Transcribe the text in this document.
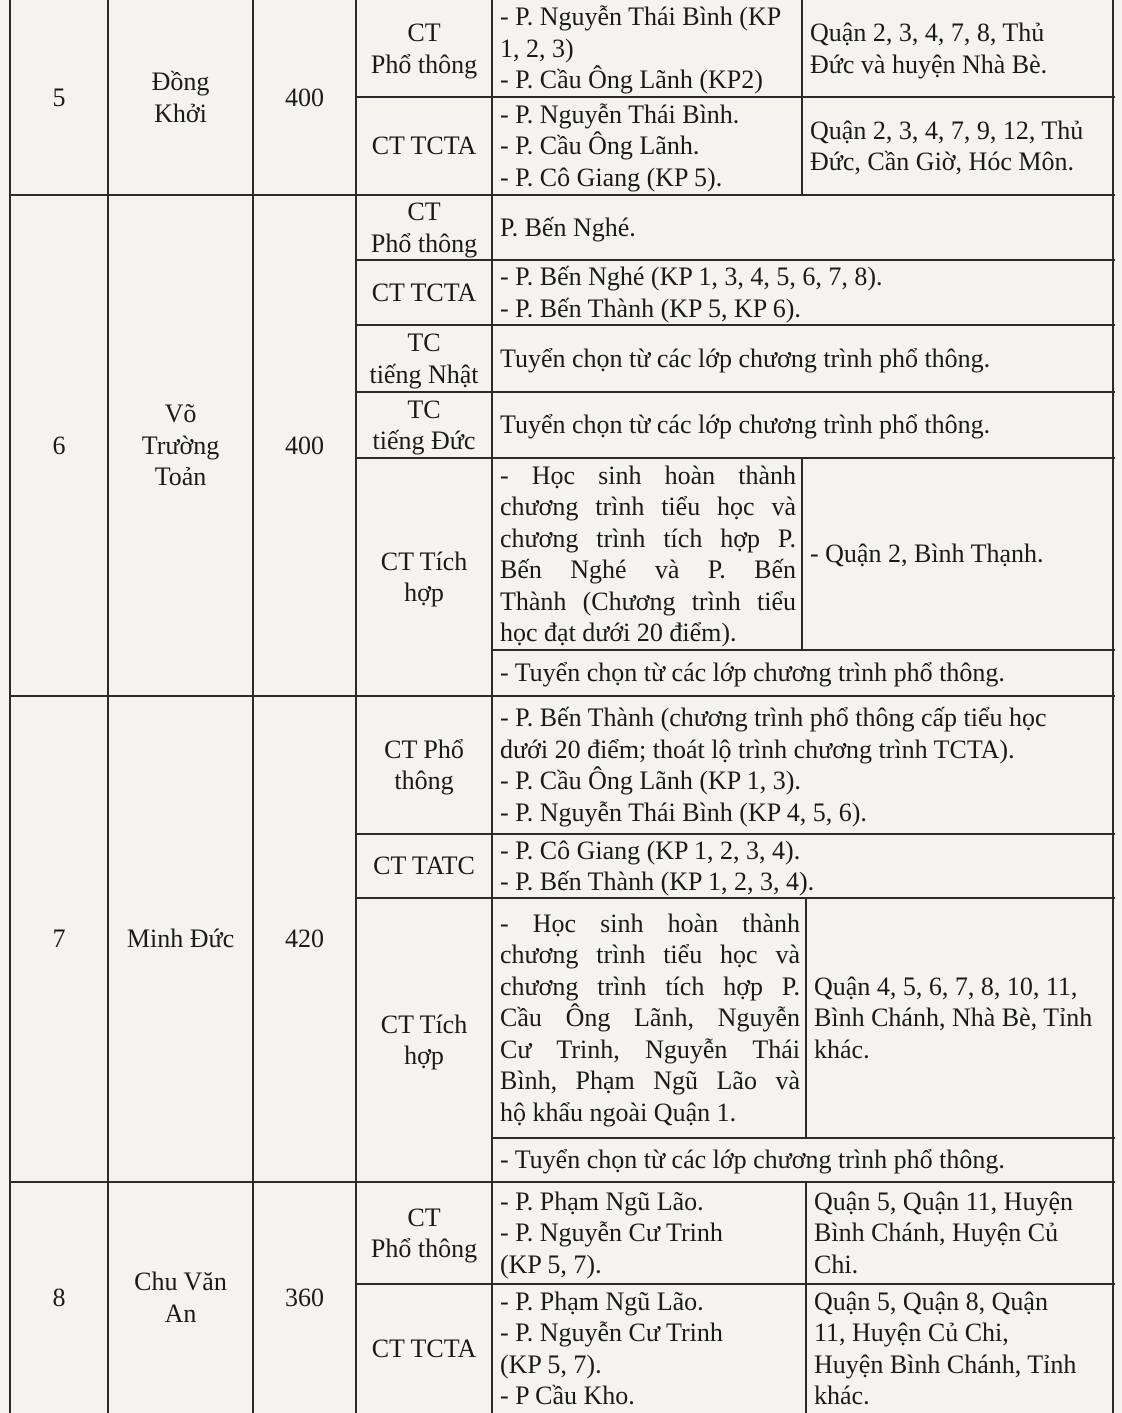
5
Đồng
Khởi
400
CT
Phổ thông
- P. Nguyễn Thái Bình (KP
1, 2, 3)
- P. Cầu Ông Lãnh (KP2)
Quận 2, 3, 4, 7, 8, Thủ
Đức và huyện Nhà Bè.
CT TCTA
- P. Nguyễn Thái Bình.
- P. Cầu Ông Lãnh.
- P. Cô Giang (KP 5).
Quận 2, 3, 4, 7, 9, 12, Thủ
Đức, Cần Giờ, Hóc Môn.
6
Võ
Trường
Toản
400
CT
Phổ thông
P. Bến Nghé.
CT TCTA
- P. Bến Nghé (KP 1, 3, 4, 5, 6, 7, 8).
- P. Bến Thành (KP 5, KP 6).
TC
tiếng Nhật
Tuyển chọn từ các lớp chương trình phổ thông.
TC
tiếng Đức
Tuyển chọn từ các lớp chương trình phổ thông.
CT Tích
hợp
- Học sinh hoàn thành
chương trình tiểu học và
chương trình tích hợp P.
Bến Nghé và P. Bến
Thành (Chương trình tiểu
học đạt dưới 20 điểm).
- Quận 2, Bình Thạnh.
- Tuyển chọn từ các lớp chương trình phổ thông.
7	Minh Đức	420
CT Phổ
thông
- P. Bến Thành (chương trình phổ thông cấp tiểu học
dưới 20 điểm; thoát lộ trình chương trình TCTA).
- P. Cầu Ông Lãnh (KP 1, 3).
- P. Nguyễn Thái Bình (KP 4, 5, 6).
CT TATC
- P. Cô Giang (KP 1, 2, 3, 4).
- P. Bến Thành (KP 1, 2, 3, 4).
CT Tích
hợp
- Học sinh hoàn thành
chương trình tiểu học và
chương trình tích hợp P.
Cầu Ông Lãnh, Nguyễn
Cư Trinh, Nguyễn Thái
Bình, Phạm Ngũ Lão và
hộ khẩu ngoài Quận 1.
Quận 4, 5, 6, 7, 8, 10, 11,
Bình Chánh, Nhà Bè, Tỉnh
khác.
- Tuyển chọn từ các lớp chương trình phổ thông.
8
Chu Văn
An
360
CT
Phổ thông
- P. Phạm Ngũ Lão.
- P. Nguyễn Cư Trinh
(KP 5, 7).
Quận 5, Quận 11, Huyện
Bình Chánh, Huyện Củ
Chi.
CT TCTA
- P. Phạm Ngũ Lão.
- P. Nguyễn Cư Trinh
(KP 5, 7).
- P Cầu Kho.
Quận 5, Quận 8, Quận
11, Huyện Củ Chi,
Huyện Bình Chánh, Tỉnh
khác.
